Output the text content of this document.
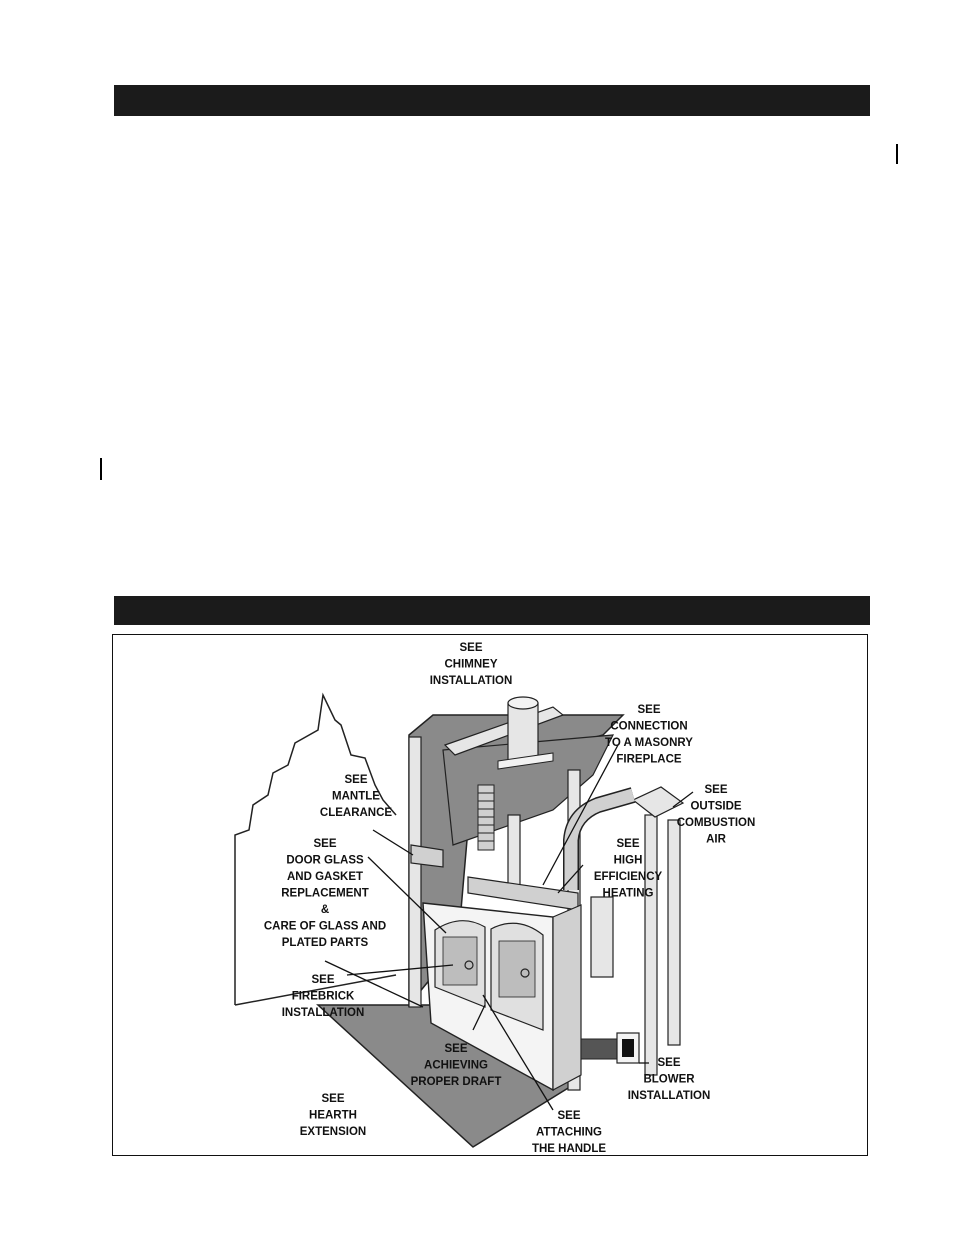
SEE CHIMNEY INSTALLATION
SEE CONNECTION TO A MASONRY FIREPLACE
SEE OUTSIDE COMBUSTION AIR
SEE MANTLE CLEARANCE
SEE DOOR GLASS AND GASKET REPLACEMENT & CARE OF GLASS AND PLATED PARTS
SEE HIGH EFFICIENCY HEATING
SEE FIREBRICK INSTALLATION
SEE ACHIEVING PROPER DRAFT
SEE BLOWER INSTALLATION
SEE HEARTH EXTENSION
SEE ATTACHING THE HANDLE
